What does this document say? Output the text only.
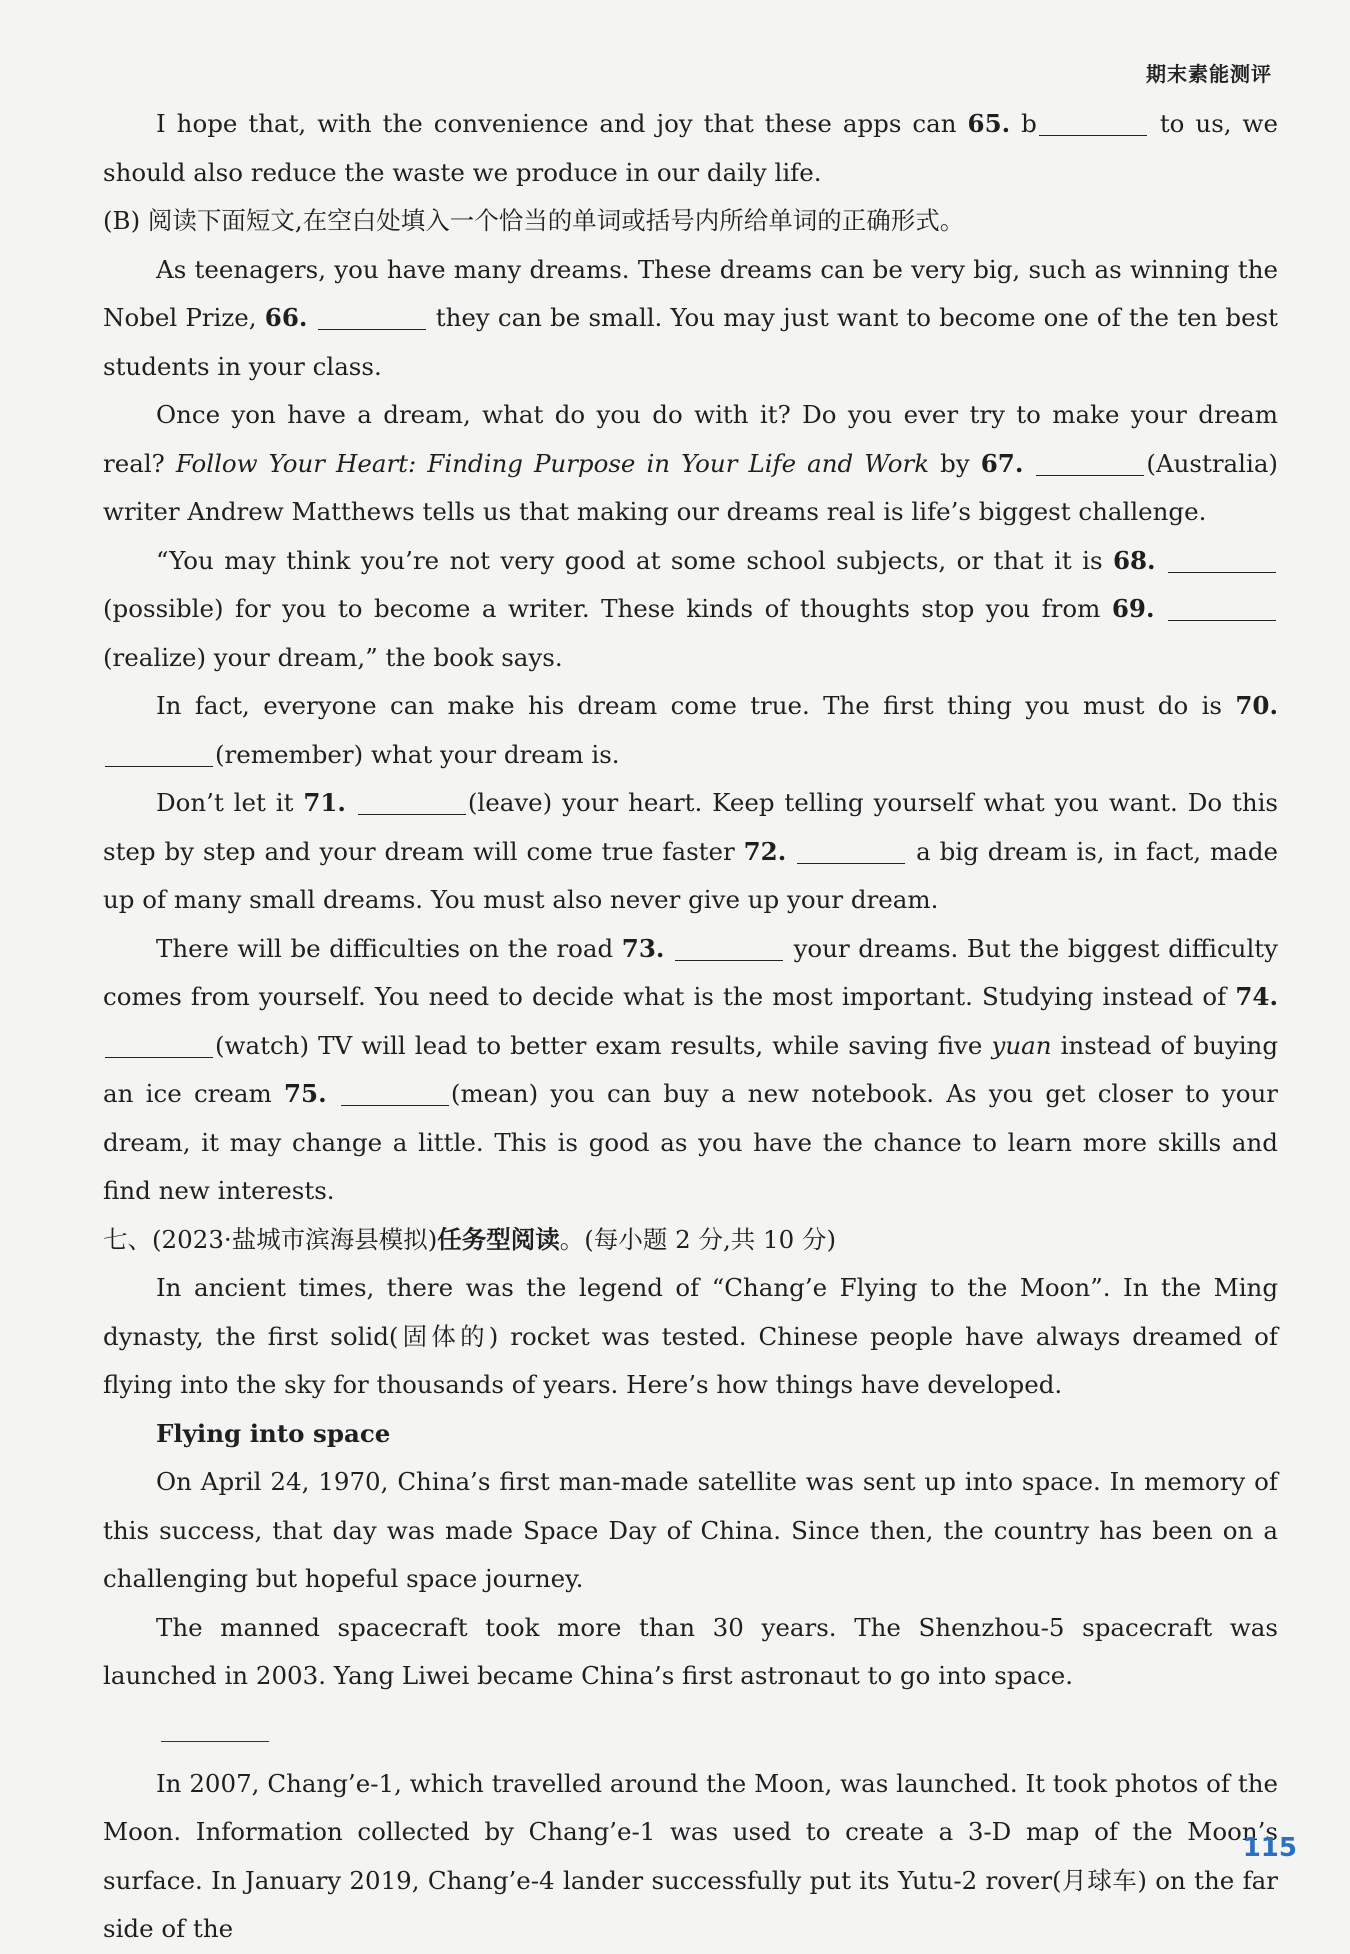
期末素能测评

I hope that, with the convenience and joy that these apps can 65. b	to us, we should also reduce the waste we produce in our daily life.

(B) 阅读下面短文,在空白处填入一个恰当的单词或括号内所给单词的正确形式。

As teenagers, you have many dreams. These dreams can be very big, such as winning the Nobel Prize, 66.	they can be small. You may just want to become one of the ten best students in your class.

Once yon have a dream, what do you do with it? Do you ever try to make your dream real? Follow Your Heart: Finding Purpose in Your Life and Work by 67.	(Australia) writer Andrew Matthews tells us that making our dreams real is life’s biggest challenge.

“You may think you’re not very good at some school subjects, or that it is 68. (possible) for you to become a writer. These kinds of thoughts stop you from 69. (realize) your dream,” the book says.

In fact, everyone can make his dream come true. The first thing you must do is 70. (remember) what your dream is.

Don’t let it 71.	(leave) your heart. Keep telling yourself what you want. Do this step by step and your dream will come true faster 72.	a big dream is, in fact, made up of many small dreams. You must also never give up your dream.

There will be difficulties on the road 73.	your dreams. But the biggest difficulty comes from yourself. You need to decide what is the most important. Studying instead of 74. (watch) TV will lead to better exam results, while saving five yuan instead of buying an ice cream 75.	(mean) you can buy a new notebook. As you get closer to your dream, it may change a little. This is good as you have the chance to learn more skills and find new interests.

七、(2023·盐城市滨海县模拟)任务型阅读。(每小题 2 分,共 10 分)

In ancient times, there was the legend of “Chang’e Flying to the Moon”. In the Ming dynasty, the first solid(固体的) rocket was tested. Chinese people have always dreamed of flying into the sky for thousands of years. Here’s how things have developed.

Flying into space

On April 24, 1970, China’s first man-made satellite was sent up into space. In memory of this success, that day was made Space Day of China. Since then, the country has been on a challenging but hopeful space journey.

The manned spacecraft took more than 30 years. The Shenzhou-5 spacecraft was launched in 2003. Yang Liwei became China’s first astronaut to go into space.

In 2007, Chang’e-1, which travelled around the Moon, was launched. It took photos of the Moon. Information collected by Chang’e-1 was used to create a 3-D map of the Moon’s surface. In January 2019, Chang’e-4 lander successfully put its Yutu-2 rover(月球车) on the far side of the

115
